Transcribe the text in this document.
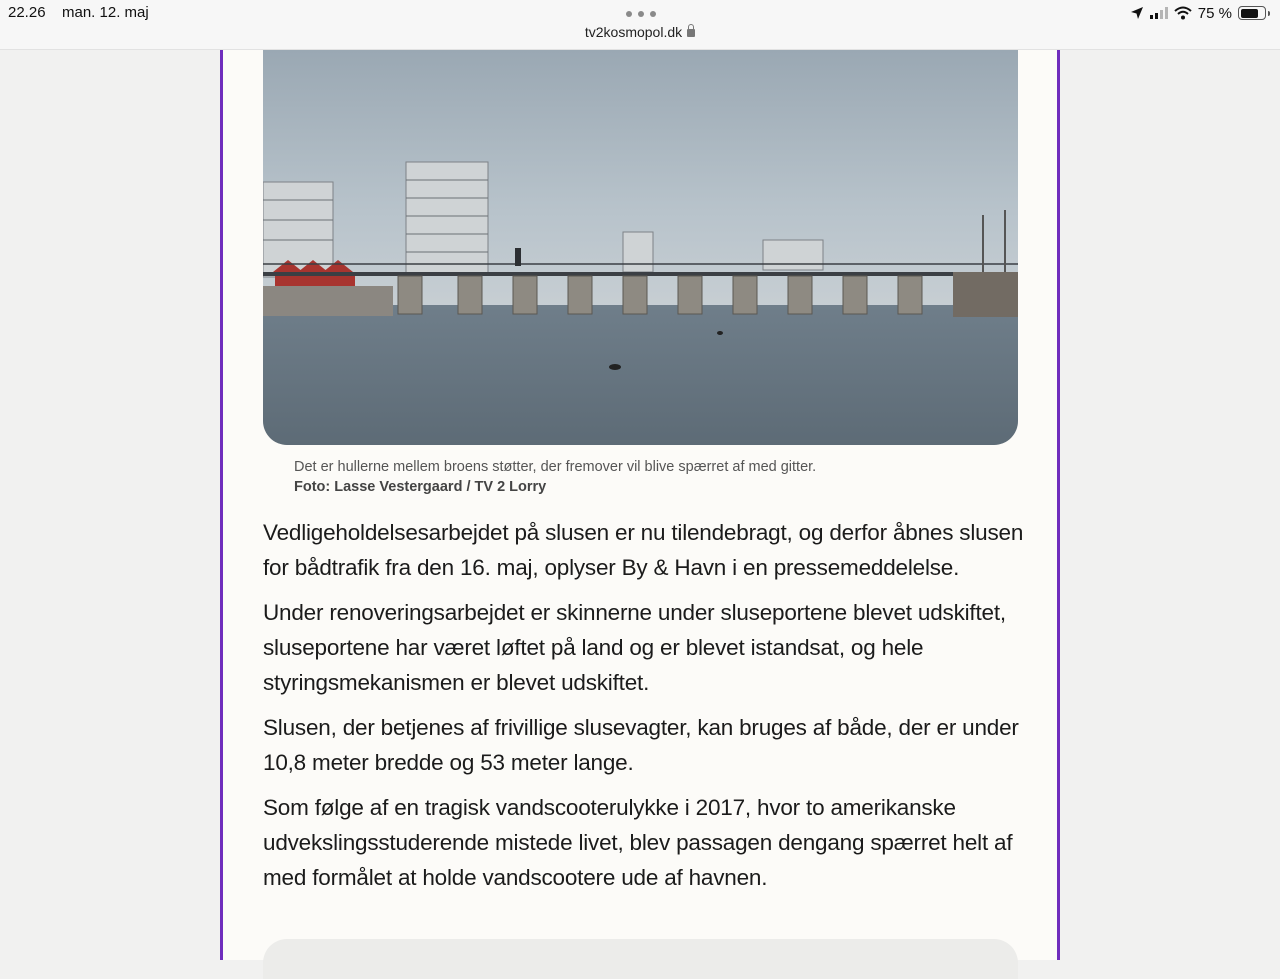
22.26 man. 12. maj
tv2kosmopol.dk
75 %
Det er hullerne mellem broens støtter, der fremover vil blive spærret af med gitter.
Foto: Lasse Vestergaard / TV 2 Lorry

Vedligeholdelsesarbejdet på slusen er nu tilendebragt, og derfor åbnes slusen for bådtrafik fra den 16. maj, oplyser By & Havn i en pressemeddelelse.

Under renoveringsarbejdet er skinnerne under sluseportene blevet udskiftet, sluseportene har været løftet på land og er blevet istandsat, og hele styringsmekanismen er blevet udskiftet.

Slusen, der betjenes af frivillige slusevagter, kan bruges af både, der er under 10,8 meter bredde og 53 meter lange.

Som følge af en tragisk vandscooterulykke i 2017, hvor to amerikanske udvekslingsstuderende mistede livet, blev passagen dengang spærret helt af med formålet at holde vandscootere ude af havnen.
